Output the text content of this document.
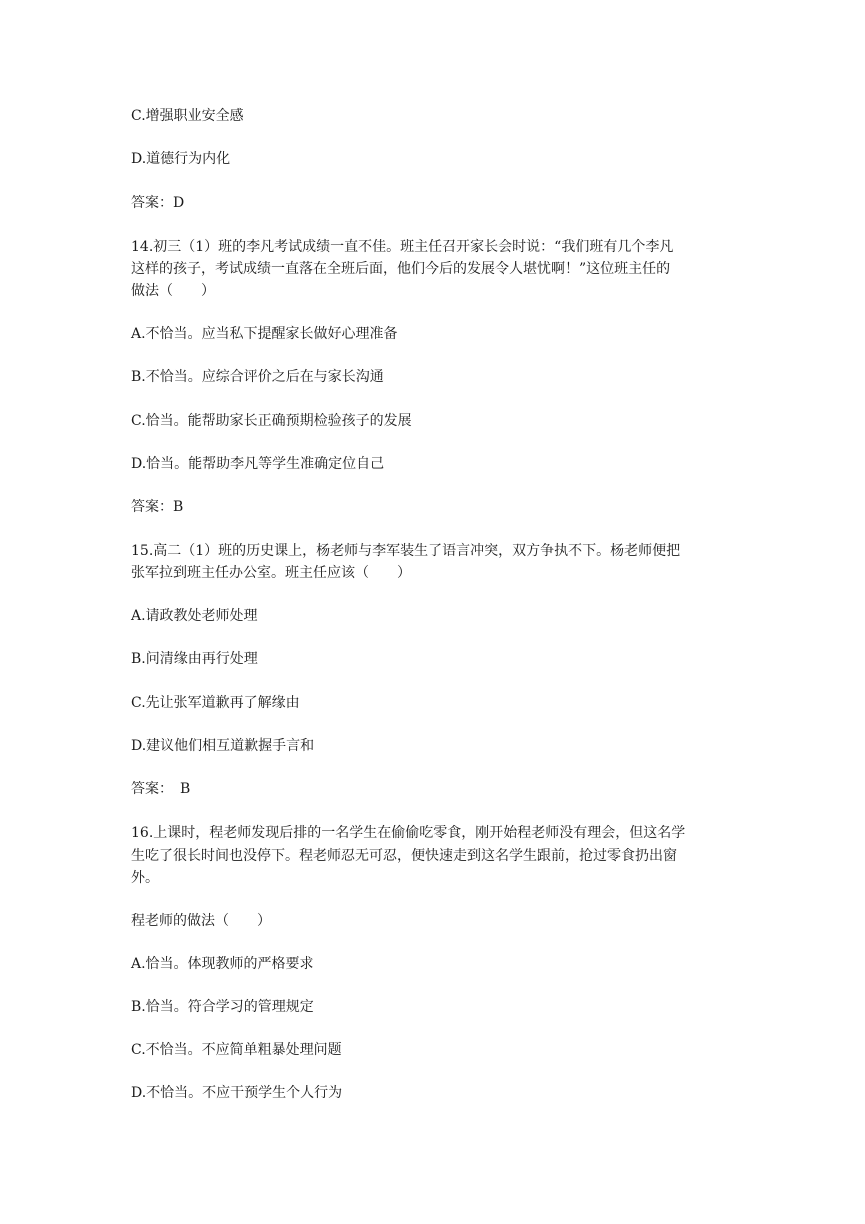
C.增强职业安全感

D.道德行为内化

答案：D

14.初三（1）班的李凡考试成绩一直不佳。班主任召开家长会时说：“我们班有几个李凡

这样的孩子，考试成绩一直落在全班后面，他们今后的发展令人堪忧啊！”这位班主任的

做法（　　）

A.不恰当。应当私下提醒家长做好心理准备

B.不恰当。应综合评价之后在与家长沟通

C.恰当。能帮助家长正确预期检验孩子的发展

D.恰当。能帮助李凡等学生准确定位自己

答案：B

15.高二（1）班的历史课上，杨老师与李军装生了语言冲突，双方争执不下。杨老师便把

张军拉到班主任办公室。班主任应该（　　）

A.请政教处老师处理

B.问清缘由再行处理

C.先让张军道歉再了解缘由

D.建议他们相互道歉握手言和

答案：　B

16.上课时，程老师发现后排的一名学生在偷偷吃零食，刚开始程老师没有理会，但这名学

生吃了很长时间也没停下。程老师忍无可忍，便快速走到这名学生跟前，抢过零食扔出窗

外。

程老师的做法（　　）

A.恰当。体现教师的严格要求

B.恰当。符合学习的管理规定

C.不恰当。不应简单粗暴处理问题

D.不恰当。不应干预学生个人行为
